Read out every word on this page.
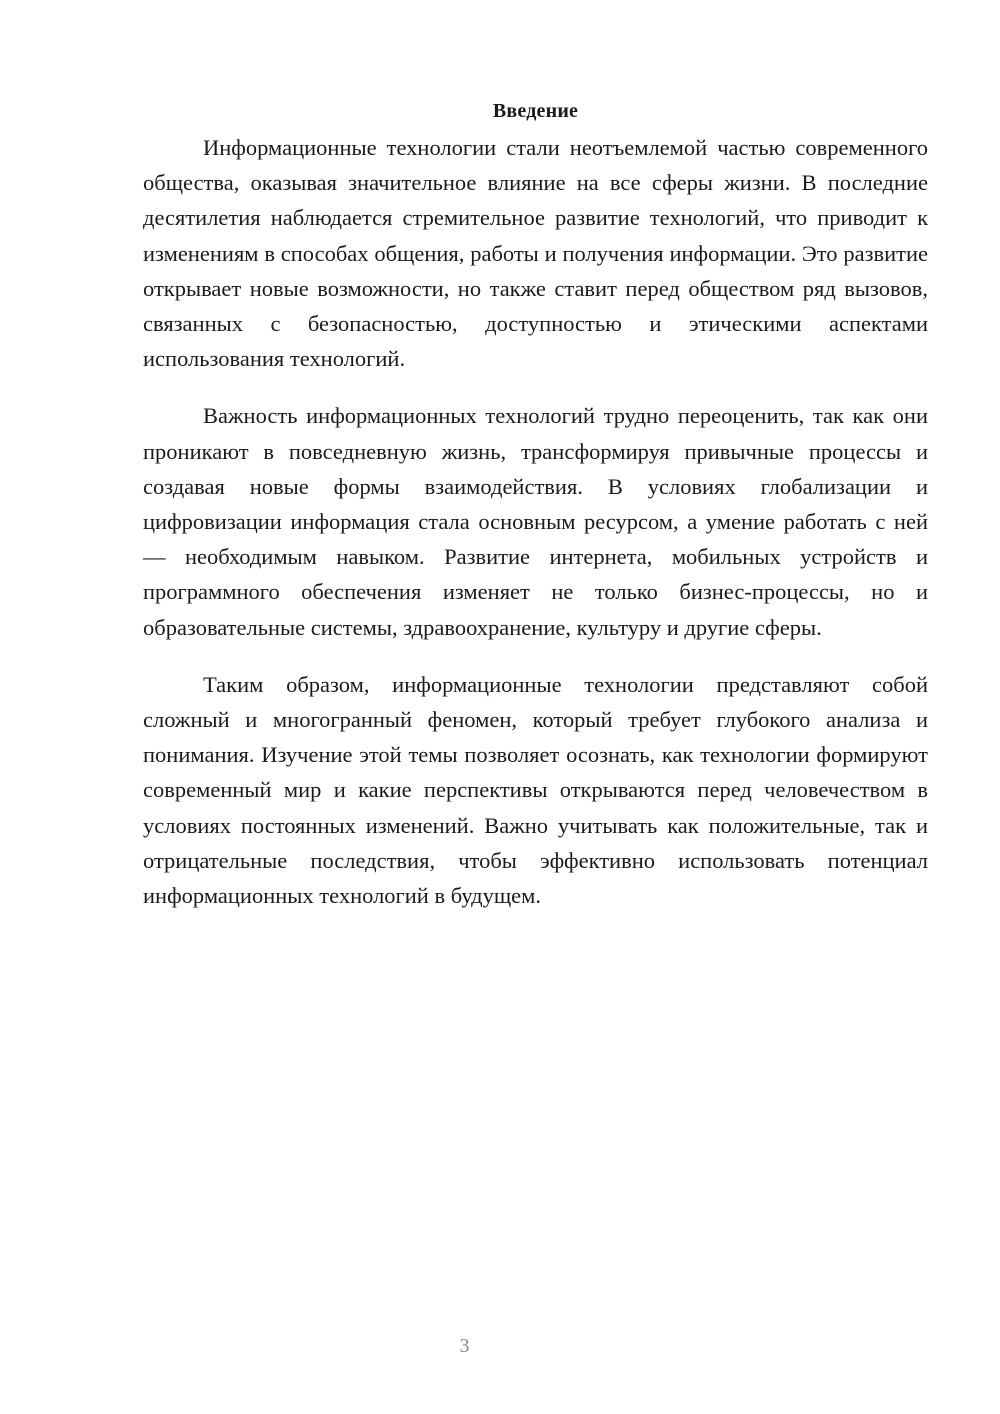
Введение

Информационные технологии стали неотъемлемой частью современного общества, оказывая значительное влияние на все сферы жизни. В последние десятилетия наблюдается стремительное развитие технологий, что приводит к изменениям в способах общения, работы и получения информации. Это развитие открывает новые возможности, но также ставит перед обществом ряд вызовов, связанных с безопасностью, доступностью и этическими аспектами использования технологий.

Важность информационных технологий трудно переоценить, так как они проникают в повседневную жизнь, трансформируя привычные процессы и создавая новые формы взаимодействия. В условиях глобализации и цифровизации информация стала основным ресурсом, а умение работать с ней — необходимым навыком. Развитие интернета, мобильных устройств и программного обеспечения изменяет не только бизнес-процессы, но и образовательные системы, здравоохранение, культуру и другие сферы.

Таким образом, информационные технологии представляют собой сложный и многогранный феномен, который требует глубокого анализа и понимания. Изучение этой темы позволяет осознать, как технологии формируют современный мир и какие перспективы открываются перед человечеством в условиях постоянных изменений. Важно учитывать как положительные, так и отрицательные последствия, чтобы эффективно использовать потенциал информационных технологий в будущем.

3
